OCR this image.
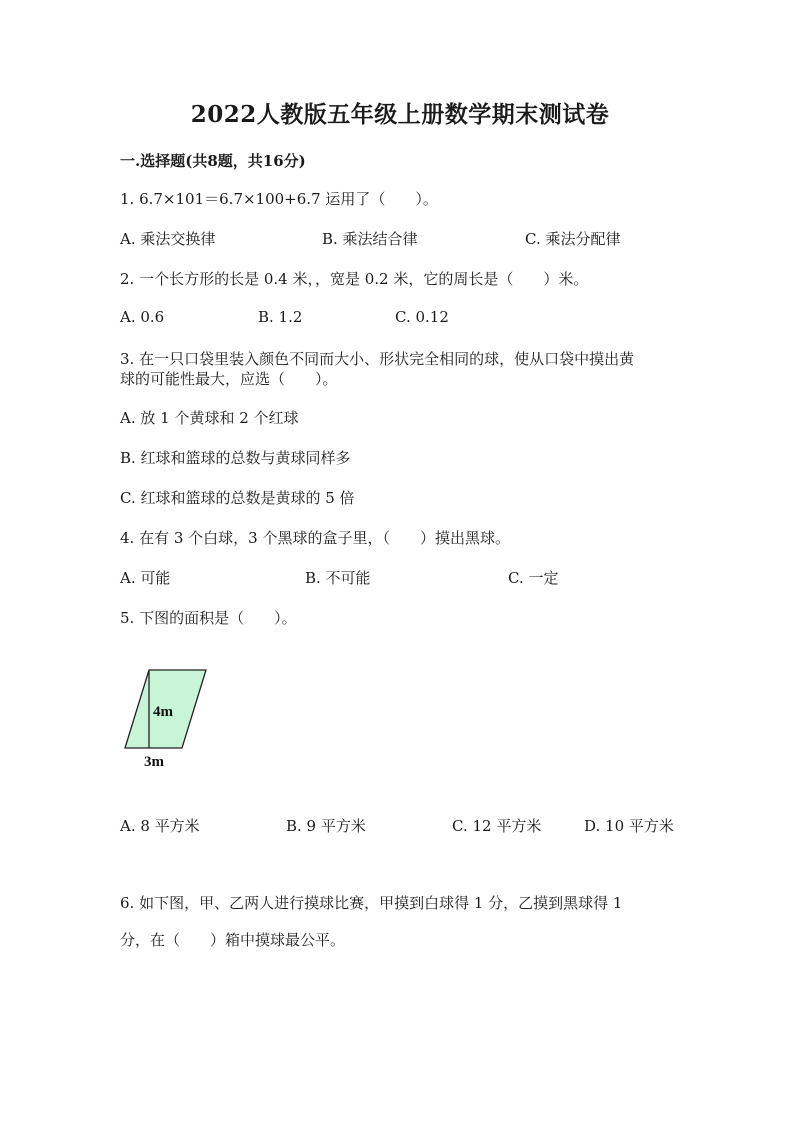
2022人教版五年级上册数学期末测试卷
一.选择题(共8题，共16分)
1. 6.7×101＝6.7×100+6.7 运用了（　　）。
A. 乘法交换律	B. 乘法结合律	C. 乘法分配律
2. 一个长方形的长是 0.4 米，，宽是 0.2 米，它的周长是（　　）米。
A. 0.6	B. 1.2	C. 0.12
3. 在一只口袋里装入颜色不同而大小、形状完全相同的球，使从口袋中摸出黄
球的可能性最大，应选（　　）。
A. 放 1 个黄球和 2 个红球
B. 红球和篮球的总数与黄球同样多
C. 红球和篮球的总数是黄球的 5 倍
4. 在有 3 个白球，3 个黑球的盒子里，（　　）摸出黑球。
A. 可能	B. 不可能	C. 一定
5. 下图的面积是（　　）。
4m
3m
A. 8 平方米	B. 9 平方米	C. 12 平方米	D. 10 平方米
6. 如下图，甲、乙两人进行摸球比赛，甲摸到白球得 1 分，乙摸到黑球得 1
分，在（　　）箱中摸球最公平。
